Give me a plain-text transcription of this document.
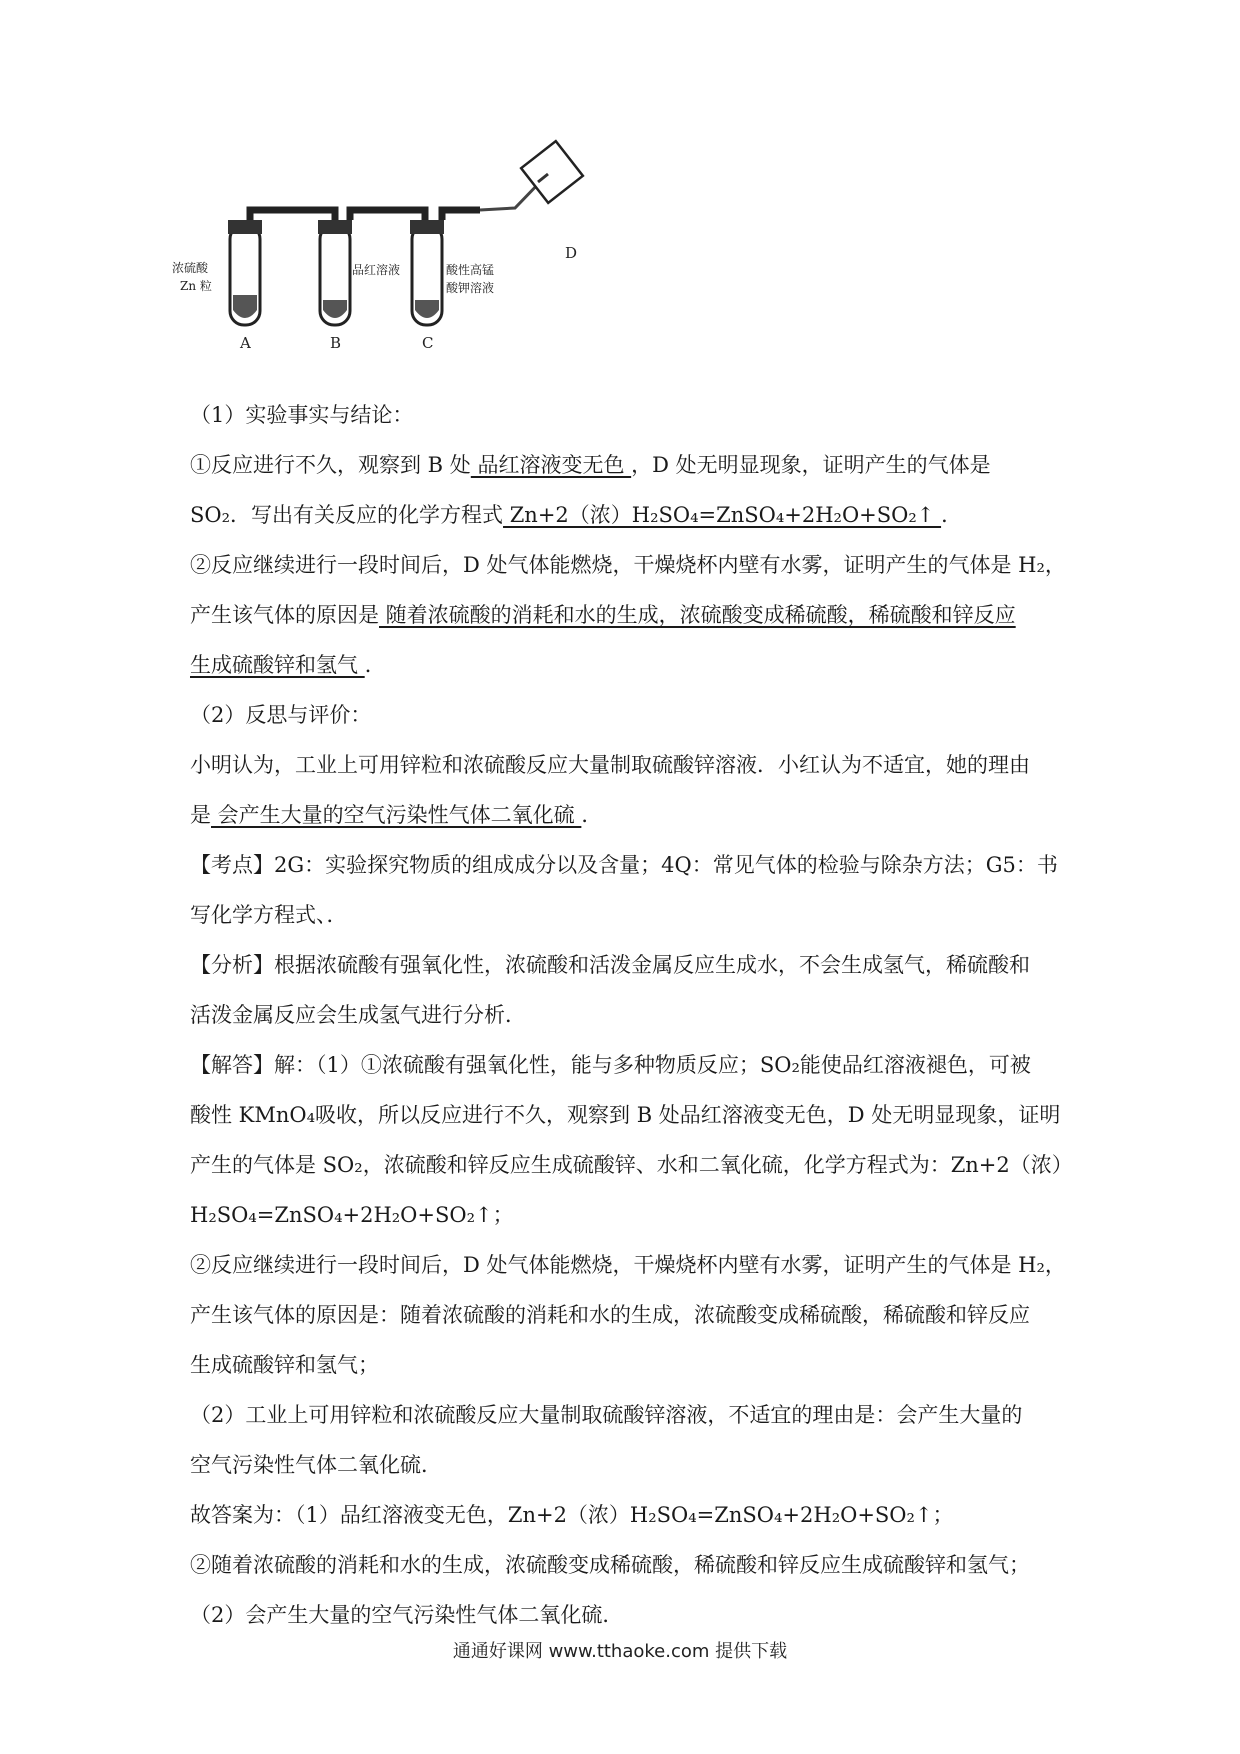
浓硫酸
Zn 粒
品红溶液	酸性高锰
酸钾溶液
A	B	C
D
（1）实验事实与结论：
①反应进行不久，观察到 B 处 品红溶液变无色 ，D 处无明显现象，证明产生的气体是
SO₂．写出有关反应的化学方程式 Zn+2（浓）H₂SO₄=ZnSO₄+2H₂O+SO₂↑ ．
②反应继续进行一段时间后，D 处气体能燃烧，干燥烧杯内壁有水雾，证明产生的气体是 H₂，
产生该气体的原因是 随着浓硫酸的消耗和水的生成，浓硫酸变成稀硫酸，稀硫酸和锌反应
生成硫酸锌和氢气 ．
（2）反思与评价：
小明认为，工业上可用锌粒和浓硫酸反应大量制取硫酸锌溶液．小红认为不适宜，她的理由
是 会产生大量的空气污染性气体二氧化硫 ．
【考点】2G：实验探究物质的组成成分以及含量；4Q：常见气体的检验与除杂方法；G5：书
写化学方程式、．
【分析】根据浓硫酸有强氧化性，浓硫酸和活泼金属反应生成水，不会生成氢气，稀硫酸和
活泼金属反应会生成氢气进行分析．
【解答】解：（1）①浓硫酸有强氧化性，能与多种物质反应；SO₂能使品红溶液褪色，可被
酸性 KMnO₄吸收，所以反应进行不久，观察到 B 处品红溶液变无色，D 处无明显现象，证明
产生的气体是 SO₂，浓硫酸和锌反应生成硫酸锌、水和二氧化硫，化学方程式为：Zn+2（浓）
H₂SO₄=ZnSO₄+2H₂O+SO₂↑；
②反应继续进行一段时间后，D 处气体能燃烧，干燥烧杯内壁有水雾，证明产生的气体是 H₂，
产生该气体的原因是：随着浓硫酸的消耗和水的生成，浓硫酸变成稀硫酸，稀硫酸和锌反应
生成硫酸锌和氢气；
（2）工业上可用锌粒和浓硫酸反应大量制取硫酸锌溶液，不适宜的理由是：会产生大量的
空气污染性气体二氧化硫．
故答案为：（1）品红溶液变无色，Zn+2（浓）H₂SO₄=ZnSO₄+2H₂O+SO₂↑；
②随着浓硫酸的消耗和水的生成，浓硫酸变成稀硫酸，稀硫酸和锌反应生成硫酸锌和氢气；
（2）会产生大量的空气污染性气体二氧化硫．
通通好课网 www.tthaoke.com 提供下载
